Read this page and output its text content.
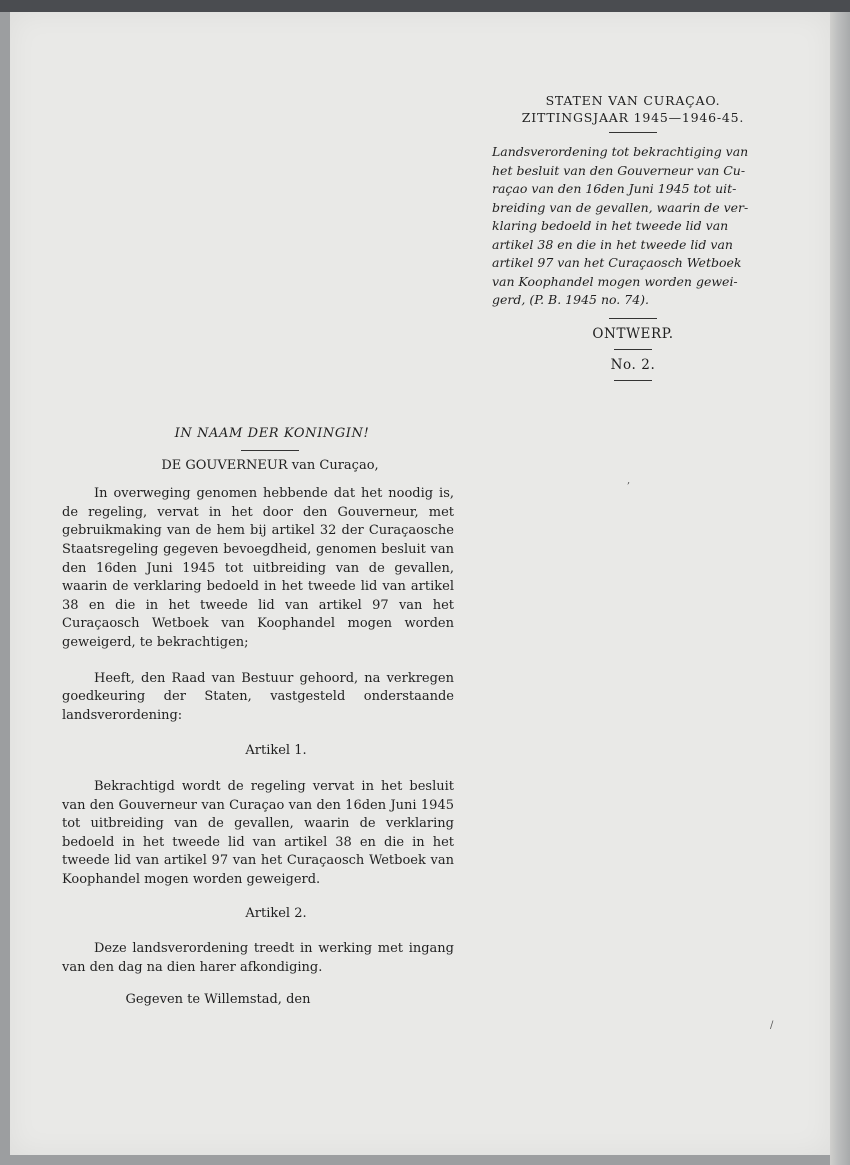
STATEN VAN CURAÇAO.
ZITTINGSJAAR 1945—1946-45.
Landsverordening tot bekrachtiging van
het besluit van den Gouverneur van Cu-
raçao van den 16den Juni 1945 tot uit-
breiding van de gevallen, waarin de ver-
klaring bedoeld in het tweede lid van
artikel 38 en die in het tweede lid van
artikel 97 van het Curaçaosch Wetboek
van Koophandel mogen worden gewei-
gerd, (P. B. 1945 no. 74).
ONTWERP.
No. 2.
IN NAAM DER KONINGIN!
DE GOUVERNEUR van Curaçao,

In overweging genomen hebbende dat het noodig is, de regeling, vervat in het door den Gouverneur, met gebruikmaking van de hem bij artikel 32 der Curaçaosche Staatsregeling gegeven bevoegdheid, genomen besluit van den 16den Juni 1945 tot uitbreiding van de gevallen, waarin de verklaring bedoeld in het tweede lid van artikel 38 en die in het tweede lid van artikel 97 van het Curaçaosch Wetboek van Koophandel mogen worden geweigerd, te bekrachtigen;

Heeft, den Raad van Bestuur gehoord, na verkregen goedkeuring der Staten, vastgesteld onderstaande landsverordening:

Artikel 1.

Bekrachtigd wordt de regeling vervat in het besluit van den Gouverneur van Curaçao van den 16den Juni 1945 tot uitbreiding van de gevallen, waarin de verklaring bedoeld in het tweede lid van artikel 38 en die in het tweede lid van artikel 97 van het Curaçaosch Wetboek van Koophandel mogen worden geweigerd.

Artikel 2.

Deze landsverordening treedt in werking met ingang van den dag na dien harer afkondiging.

Gegeven te Willemstad, den
,
/
